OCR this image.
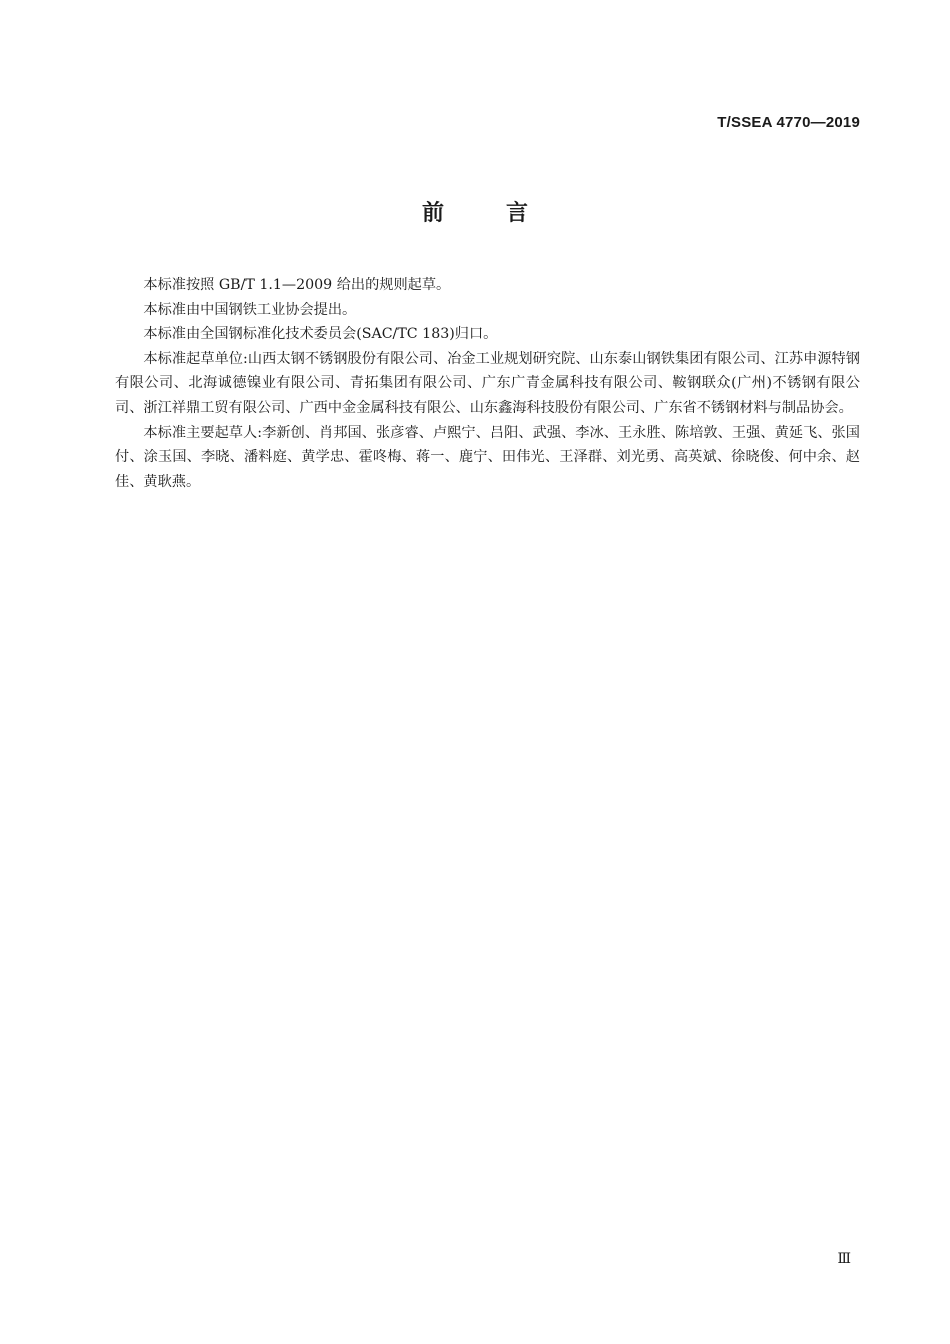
T/SSEA 4770—2019
前言

本标准按照 GB/T 1.1—2009 给出的规则起草。

本标准由中国钢铁工业协会提出。

本标准由全国钢标准化技术委员会(SAC/TC 183)归口。

本标准起草单位:山西太钢不锈钢股份有限公司、冶金工业规划研究院、山东泰山钢铁集团有限公司、江苏申源特钢有限公司、北海诚德镍业有限公司、青拓集团有限公司、广东广青金属科技有限公司、鞍钢联众(广州)不锈钢有限公司、浙江祥鼎工贸有限公司、广西中金金属科技有限公、山东鑫海科技股份有限公司、广东省不锈钢材料与制品协会。

本标准主要起草人:李新创、肖邦国、张彦睿、卢熙宁、吕阳、武强、李冰、王永胜、陈培敦、王强、黄延飞、张国付、涂玉国、李晓、潘料庭、黄学忠、霍咚梅、蒋一、鹿宁、田伟光、王泽群、刘光勇、高英斌、徐晓俊、何中余、赵佳、黄耿燕。

Ⅲ
